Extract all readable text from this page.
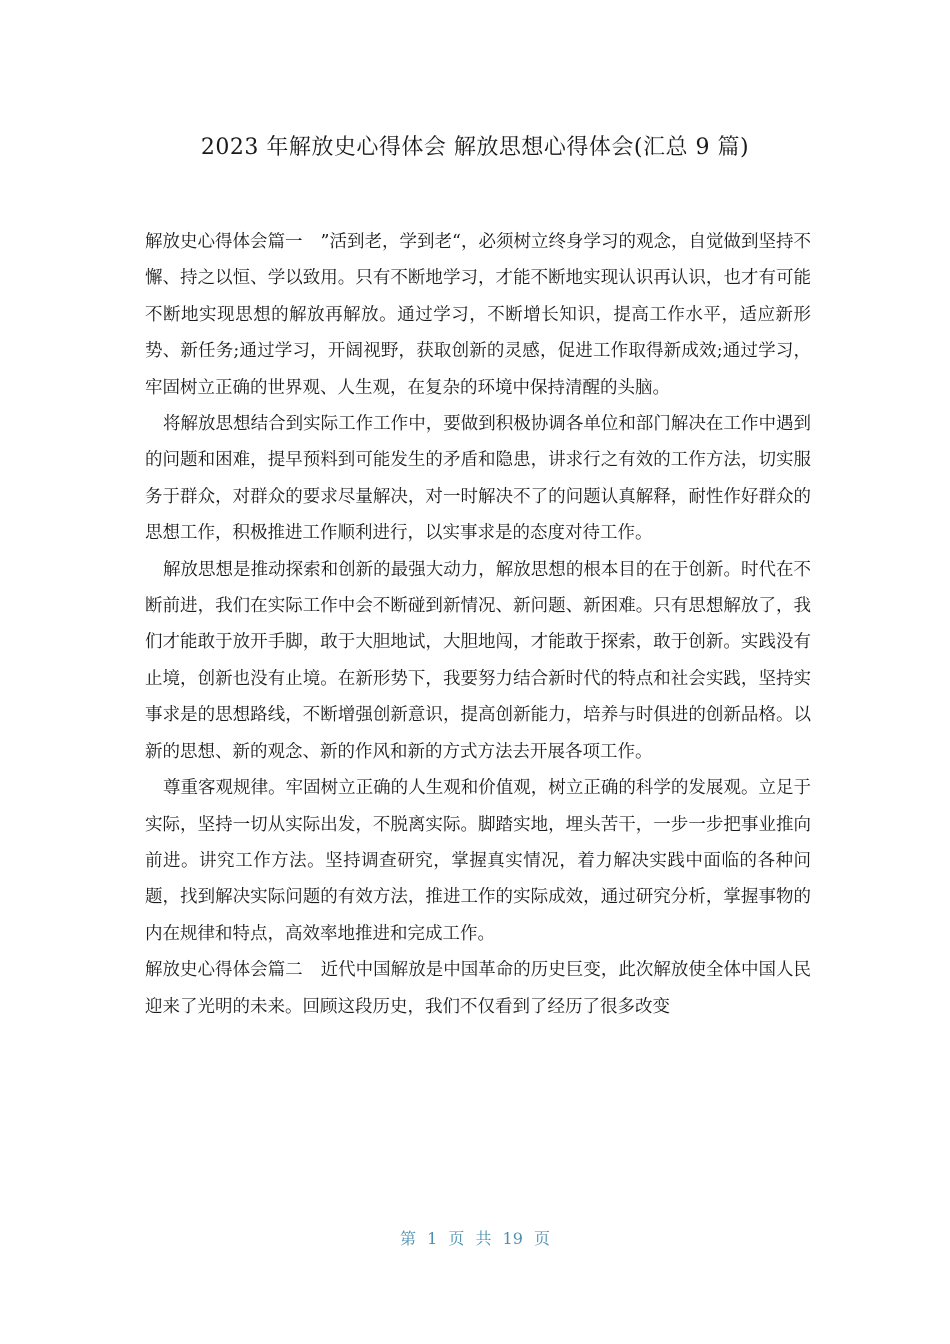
2023 年解放史心得体会 解放思想心得体会(汇总 9 篇)

解放史心得体会篇一 ”活到老，学到老“，必须树立终身学习的观念，自觉做到坚持不懈、持之以恒、学以致用。只有不断地学习，才能不断地实现认识再认识，也才有可能不断地实现思想的解放再解放。通过学习，不断增长知识，提高工作水平，适应新形势、新任务;通过学习，开阔视野，获取创新的灵感，促进工作取得新成效;通过学习，牢固树立正确的世界观、人生观，在复杂的环境中保持清醒的头脑。

将解放思想结合到实际工作工作中，要做到积极协调各单位和部门解决在工作中遇到的问题和困难，提早预料到可能发生的矛盾和隐患，讲求行之有效的工作方法，切实服务于群众，对群众的要求尽量解决，对一时解决不了的问题认真解释，耐性作好群众的思想工作，积极推进工作顺利进行，以实事求是的态度对待工作。

解放思想是推动探索和创新的最强大动力，解放思想的根本目的在于创新。时代在不断前进，我们在实际工作中会不断碰到新情况、新问题、新困难。只有思想解放了，我们才能敢于放开手脚，敢于大胆地试，大胆地闯，才能敢于探索，敢于创新。实践没有止境，创新也没有止境。在新形势下，我要努力结合新时代的特点和社会实践，坚持实事求是的思想路线，不断增强创新意识，提高创新能力，培养与时俱进的创新品格。以新的思想、新的观念、新的作风和新的方式方法去开展各项工作。

尊重客观规律。牢固树立正确的人生观和价值观，树立正确的科学的发展观。立足于实际，坚持一切从实际出发，不脱离实际。脚踏实地，埋头苦干，一步一步把事业推向前进。讲究工作方法。坚持调查研究，掌握真实情况，着力解决实践中面临的各种问题，找到解决实际问题的有效方法，推进工作的实际成效，通过研究分析，掌握事物的内在规律和特点，高效率地推进和完成工作。

解放史心得体会篇二 近代中国解放是中国革命的历史巨变，此次解放使全体中国人民迎来了光明的未来。回顾这段历史，我们不仅看到了经历了很多改变

第 1 页 共 19 页
